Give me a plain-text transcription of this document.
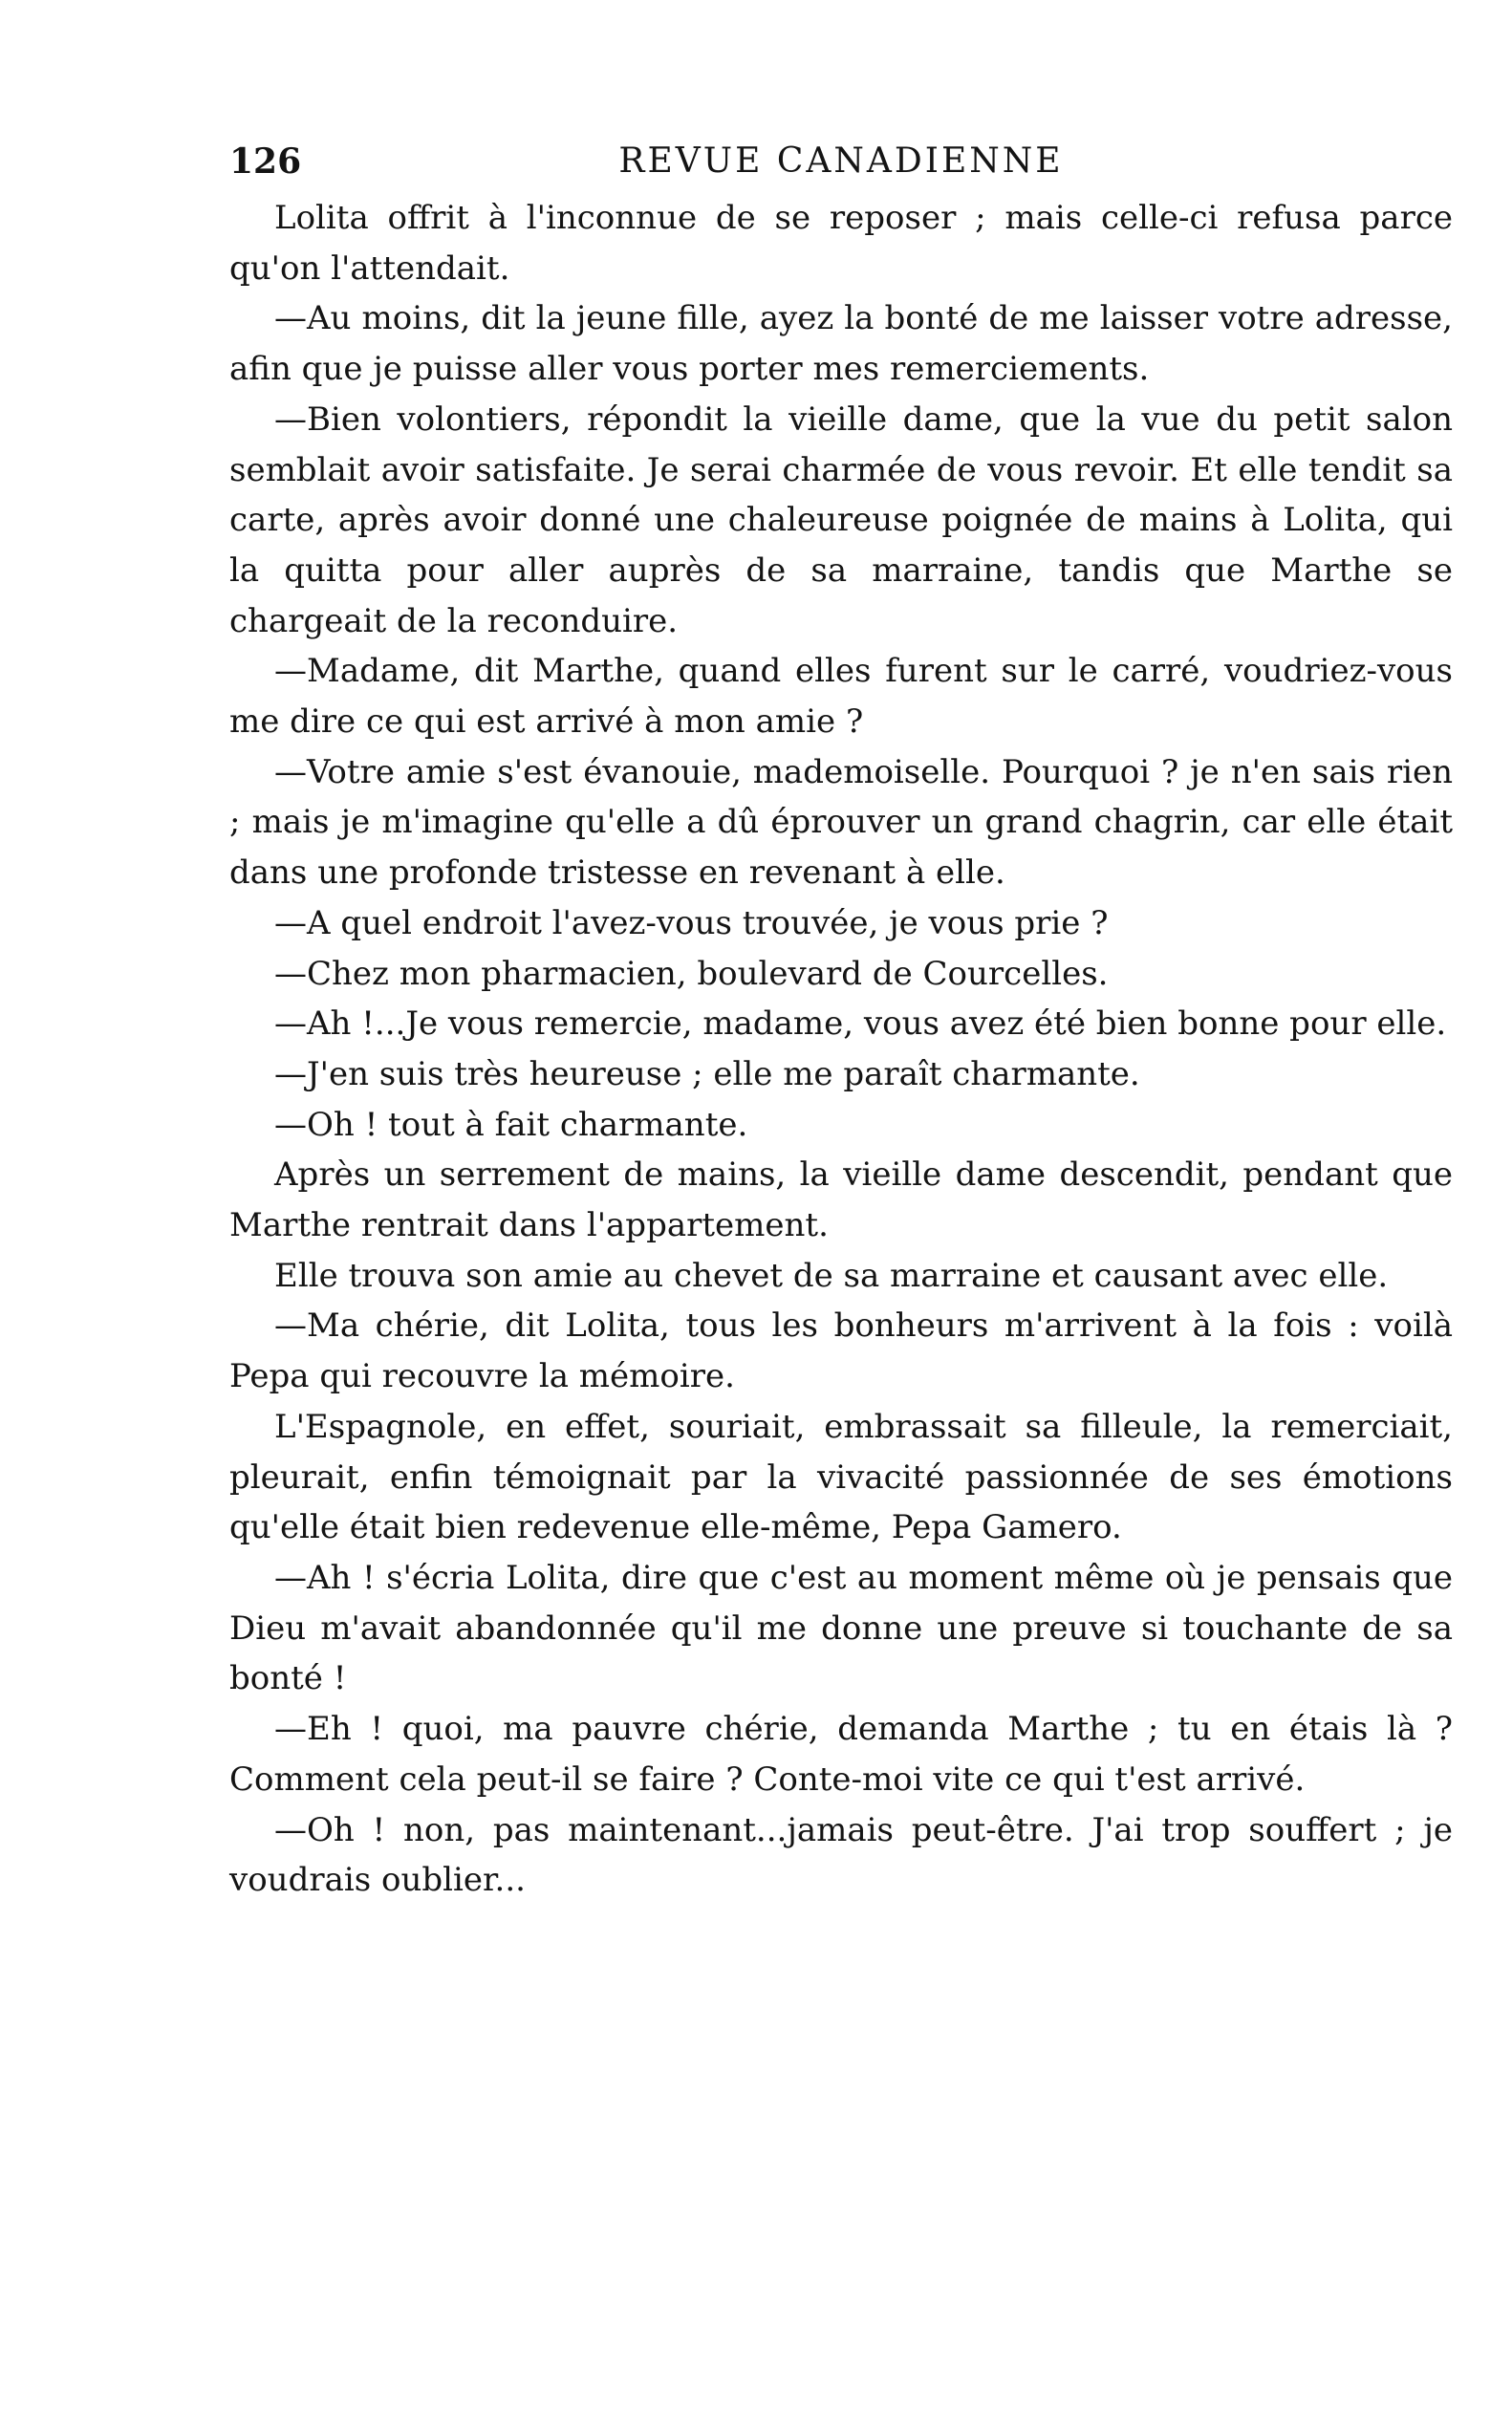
126	REVUE CANADIENNE

Lolita offrit à l'inconnue de se reposer ; mais celle-ci refusa parce qu'on l'attendait.

—Au moins, dit la jeune fille, ayez la bonté de me laisser votre adresse, afin que je puisse aller vous porter mes remerciements.

—Bien volontiers, répondit la vieille dame, que la vue du petit salon semblait avoir satisfaite. Je serai charmée de vous revoir. Et elle tendit sa carte, après avoir donné une chaleureuse poignée de mains à Lolita, qui la quitta pour aller auprès de sa marraine, tandis que Marthe se chargeait de la reconduire.

—Madame, dit Marthe, quand elles furent sur le carré, voudriez-vous me dire ce qui est arrivé à mon amie ?

—Votre amie s'est évanouie, mademoiselle. Pourquoi ? je n'en sais rien ; mais je m'imagine qu'elle a dû éprouver un grand chagrin, car elle était dans une profonde tristesse en revenant à elle.

—A quel endroit l'avez-vous trouvée, je vous prie ?

—Chez mon pharmacien, boulevard de Courcelles.

—Ah !...Je vous remercie, madame, vous avez été bien bonne pour elle.

—J'en suis très heureuse ; elle me paraît charmante.

—Oh ! tout à fait charmante.

Après un serrement de mains, la vieille dame descendit, pendant que Marthe rentrait dans l'appartement.

Elle trouva son amie au chevet de sa marraine et causant avec elle.

—Ma chérie, dit Lolita, tous les bonheurs m'arrivent à la fois : voilà Pepa qui recouvre la mémoire.

L'Espagnole, en effet, souriait, embrassait sa filleule, la remerciait, pleurait, enfin témoignait par la vivacité passionnée de ses émotions qu'elle était bien redevenue elle-même, Pepa Gamero.

—Ah ! s'écria Lolita, dire que c'est au moment même où je pensais que Dieu m'avait abandonnée qu'il me donne une preuve si touchante de sa bonté !

—Eh ! quoi, ma pauvre chérie, demanda Marthe ; tu en étais là ? Comment cela peut-il se faire ? Conte-moi vite ce qui t'est arrivé.

—Oh ! non, pas maintenant...jamais peut-être. J'ai trop souffert ; je voudrais oublier...
